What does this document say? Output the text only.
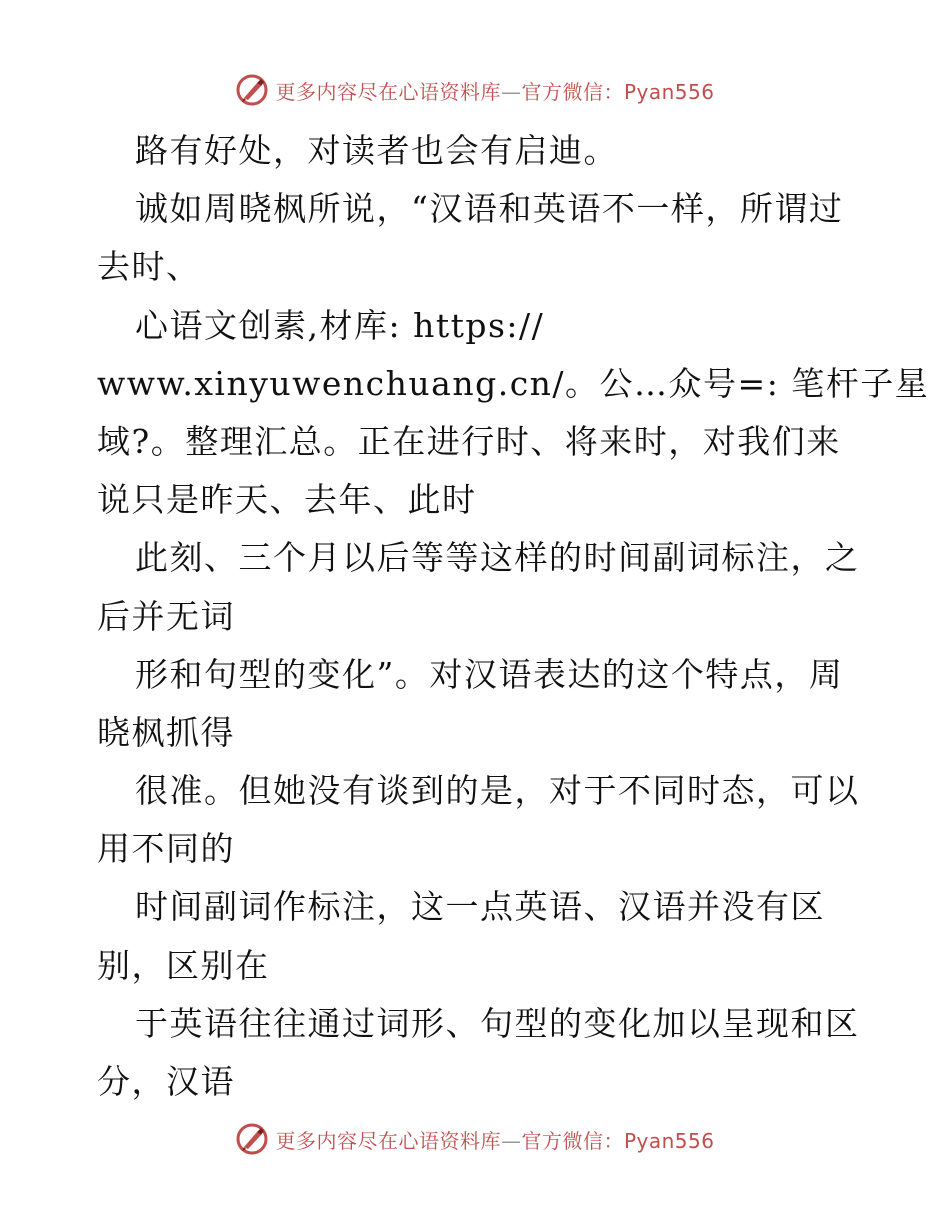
更多内容尽在心语资料库—官方微信：Pyan556
路有好处，对读者也会有启迪。
诚如周晓枫所说，“汉语和英语不一样，所谓过
去时、
心语文创素,材库: https://
www.xinyuwenchuang.cn/。公…众号=: 笔杆子星
域?。整理汇总。正在进行时、将来时，对我们来
说只是昨天、去年、此时
此刻、三个月以后等等这样的时间副词标注，之
后并无词
形和句型的变化”。对汉语表达的这个特点，周
晓枫抓得
很准。但她没有谈到的是，对于不同时态，可以
用不同的
时间副词作标注，这一点英语、汉语并没有区
别，区别在
于英语往往通过词形、句型的变化加以呈现和区
分，汉语
更多内容尽在心语资料库—官方微信：Pyan556
